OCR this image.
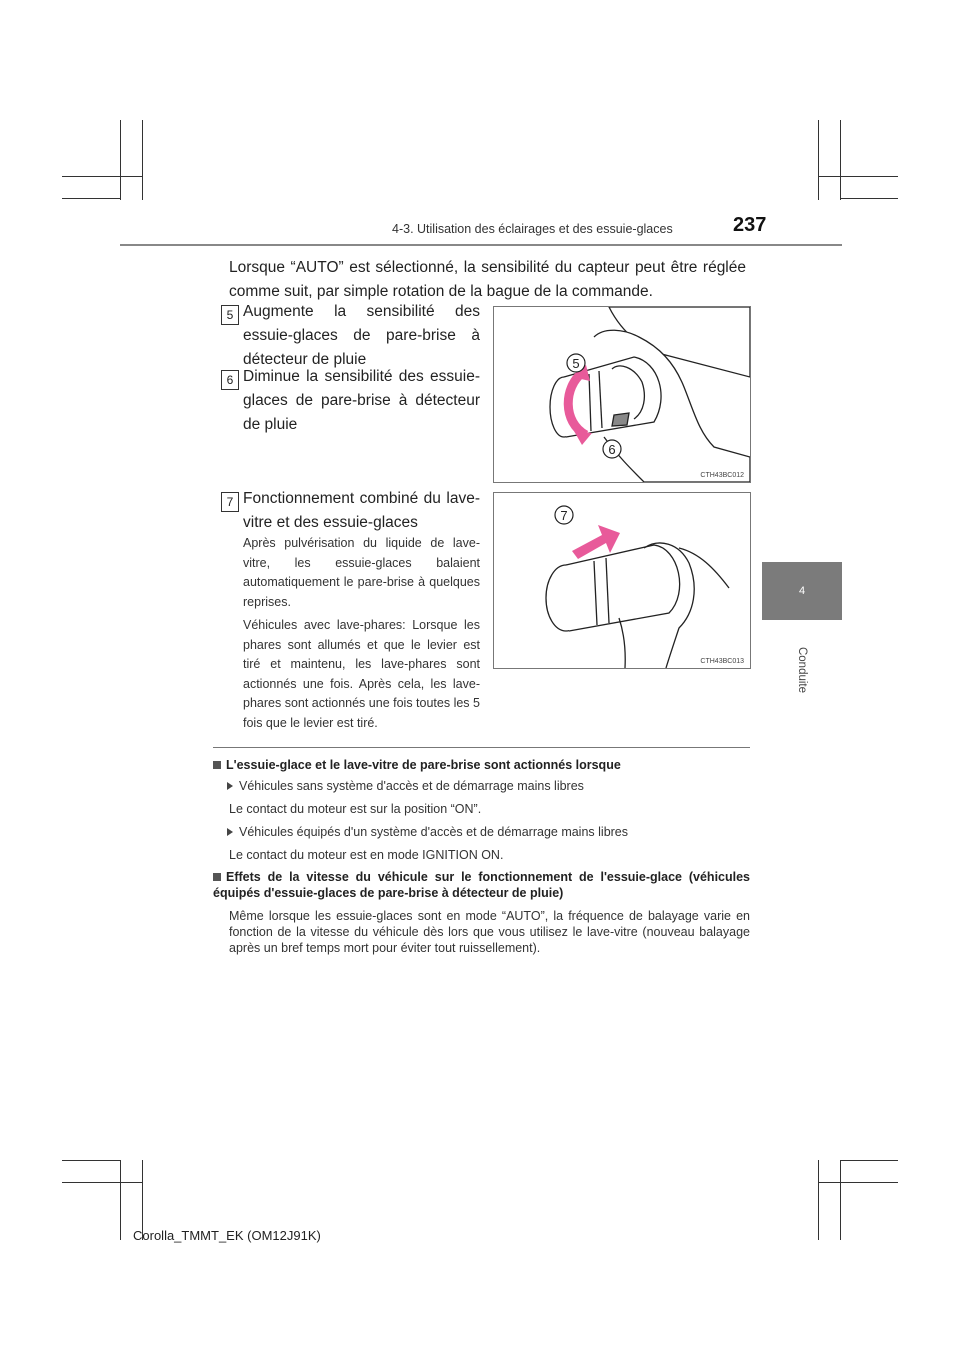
4-3. Utilisation des éclairages et des essuie-glaces	237
4
Conduite
Lorsque “AUTO” est sélectionné, la sensibilité du capteur peut être réglée comme suit, par simple rotation de la bague de la commande.
5 Augmente la sensibilité des essuie-glaces de pare-brise à détecteur de pluie
6 Diminue la sensibilité des essuie-glaces de pare-brise à détecteur de pluie
7 Fonctionnement combiné du lave-vitre et des essuie-glaces
Après pulvérisation du liquide de lave-vitre, les essuie-glaces balaient automatiquement le pare-brise à quelques reprises.
Véhicules avec lave-phares: Lorsque les phares sont allumés et que le levier est tiré et maintenu, les lave-phares sont actionnés une fois. Après cela, les lave-phares sont actionnés une fois toutes les 5 fois que le levier est tiré.
5
6
CTH43BC012
7
CTH43BC013
L'essuie-glace et le lave-vitre de pare-brise sont actionnés lorsque
Véhicules sans système d'accès et de démarrage mains libres
Le contact du moteur est sur la position “ON”.
Véhicules équipés d'un système d'accès et de démarrage mains libres
Le contact du moteur est en mode IGNITION ON.
Effets de la vitesse du véhicule sur le fonctionnement de l'essuie-glace (véhicules équipés d'essuie-glaces de pare-brise à détecteur de pluie)
Même lorsque les essuie-glaces sont en mode “AUTO”, la fréquence de balayage varie en fonction de la vitesse du véhicule dès lors que vous utilisez le lave-vitre (nouveau balayage après un bref temps mort pour éviter tout ruissellement).
Corolla_TMMT_EK (OM12J91K)
